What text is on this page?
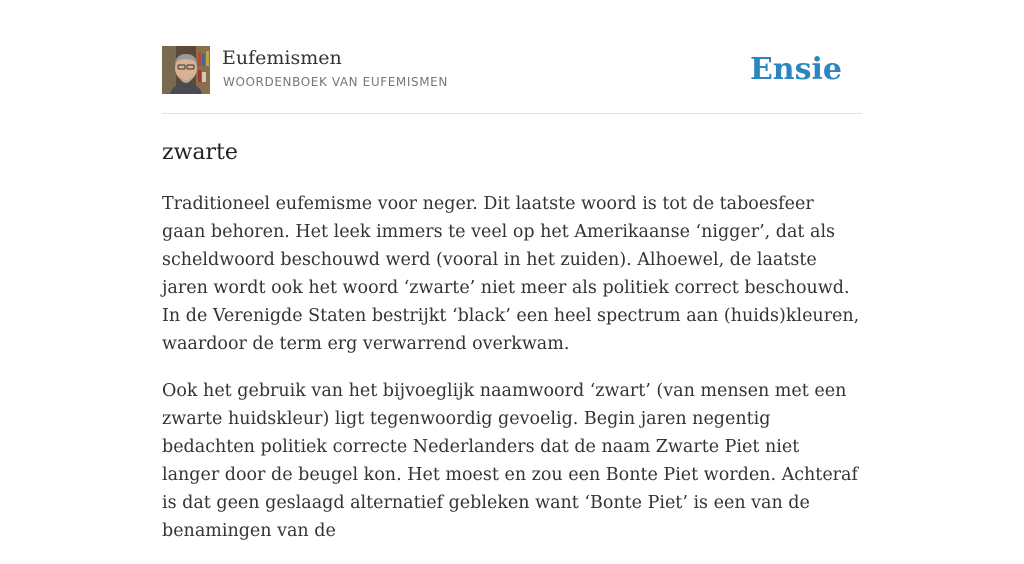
Eufemismen
WOORDENBOEK VAN EUFEMISMEN	Ensie
zwarte

Traditioneel eufemisme voor neger. Dit laatste woord is tot de taboesfeer gaan behoren. Het leek immers te veel op het Amerikaanse ‘nigger’, dat als scheldwoord beschouwd werd (vooral in het zuiden). Alhoewel, de laatste jaren wordt ook het woord ‘zwarte’ niet meer als politiek correct beschouwd. In de Verenigde Staten bestrijkt ‘black’ een heel spectrum aan (huids)kleuren, waardoor de term erg verwarrend overkwam.

Ook het gebruik van het bijvoeglijk naamwoord ‘zwart’ (van mensen met een zwarte huidskleur) ligt tegenwoordig gevoelig. Begin jaren negentig bedachten politiek correcte Nederlanders dat de naam Zwarte Piet niet langer door de beugel kon. Het moest en zou een Bonte Piet worden. Achteraf is dat geen geslaagd alternatief gebleken want ‘Bonte Piet’ is een van de benamingen van de
